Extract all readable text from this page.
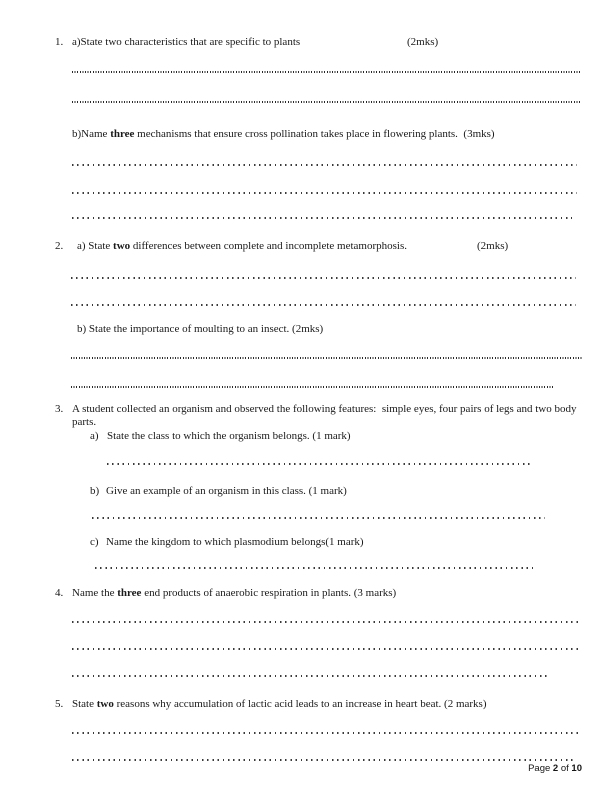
1. a)State two characteristics that are specific to plants	(2mks)
b)Name three mechanisms that ensure cross pollination takes place in flowering plants.  (3mks)
2. a) State two differences between complete and incomplete metamorphosis.	(2mks)
b) State the importance of moulting to an insect. (2mks)
3. A student collected an organism and observed the following features:  simple eyes, four pairs of legs and two body parts.
a) State the class to which the organism belongs. (1 mark)
b) Give an example of an organism in this class. (1 mark)
c) Name the kingdom to which plasmodium belongs(1 mark)
4. Name the three end products of anaerobic respiration in plants. (3 marks)
5. State two reasons why accumulation of lactic acid leads to an increase in heart beat. (2 marks)
Page 2 of 10
